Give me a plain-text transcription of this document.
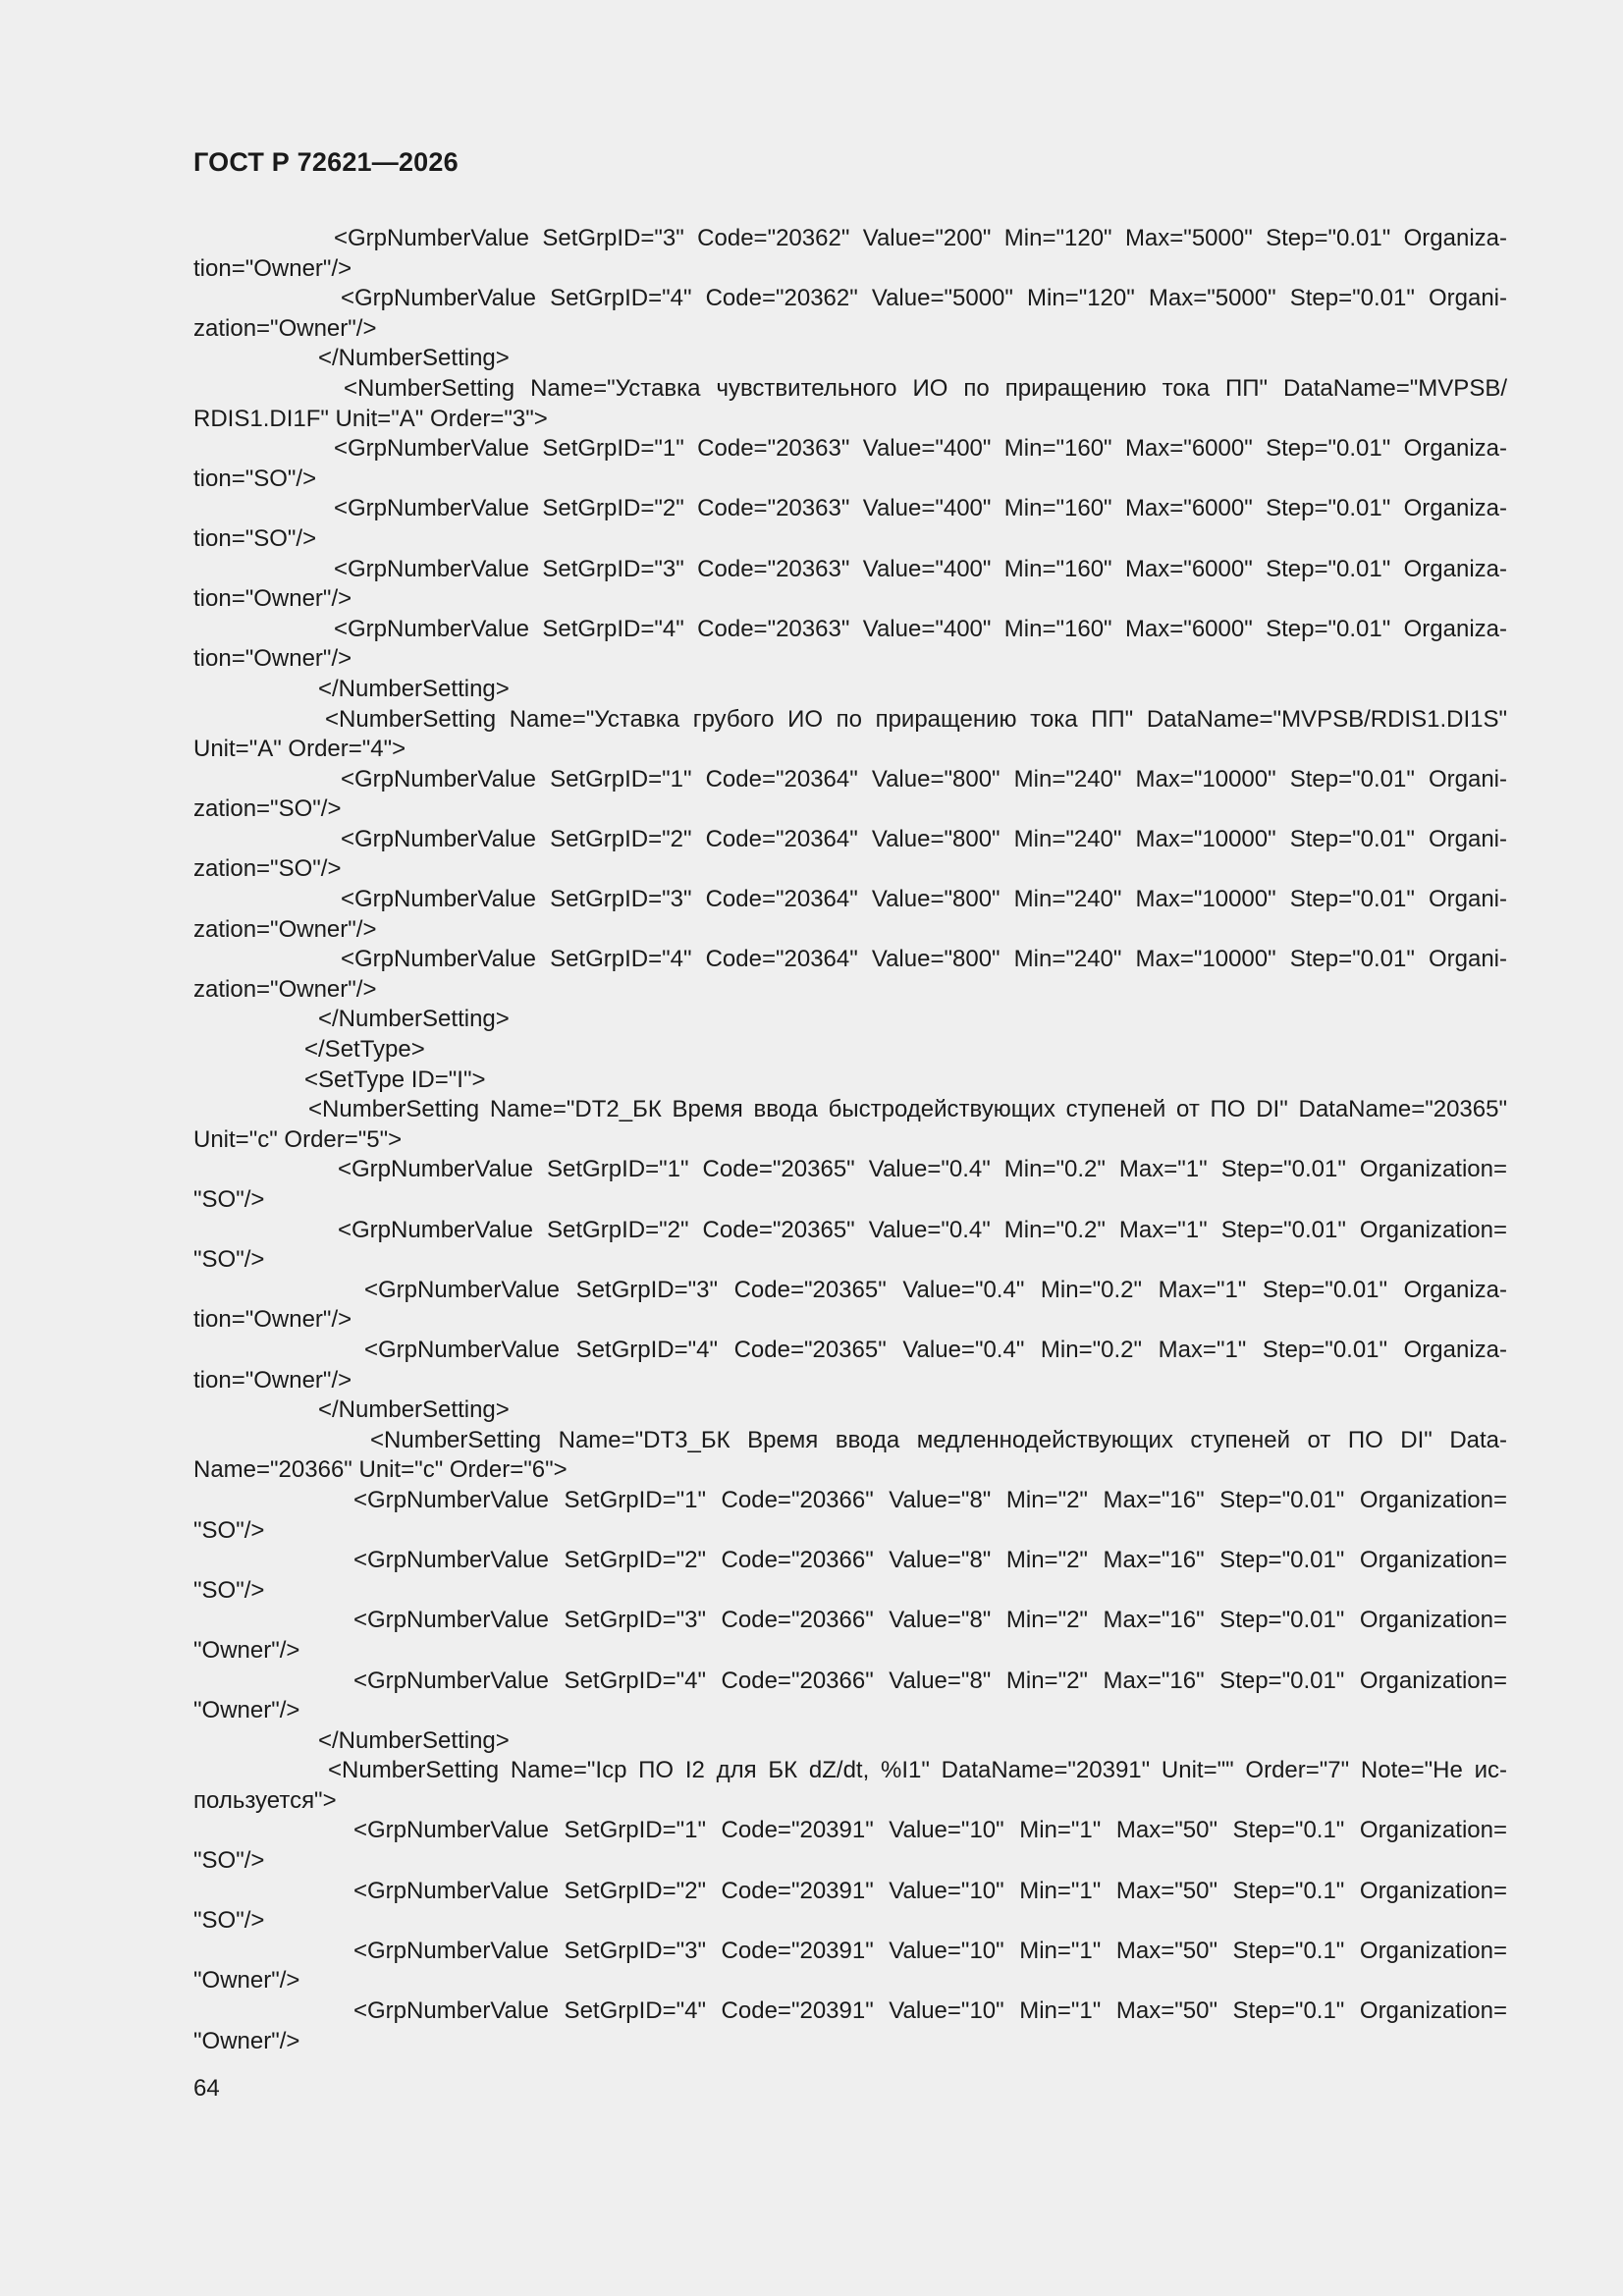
ГОСТ Р 72621—2026

<GrpNumberValue SetGrpID="3" Code="20362" Value="200" Min="120" Max="5000" Step="0.01" Organiza-tion="Owner"/>

<GrpNumberValue SetGrpID="4" Code="20362" Value="5000" Min="120" Max="5000" Step="0.01" Organi-zation="Owner"/>

</NumberSetting>

<NumberSetting Name="Уставка чувствительного ИО по приращению тока ПП" DataName="MVPSB/ RDIS1.DI1F" Unit="A" Order="3">

<GrpNumberValue SetGrpID="1" Code="20363" Value="400" Min="160" Max="6000" Step="0.01" Organiza-tion="SO"/>

<GrpNumberValue SetGrpID="2" Code="20363" Value="400" Min="160" Max="6000" Step="0.01" Organiza-tion="SO"/>

<GrpNumberValue SetGrpID="3" Code="20363" Value="400" Min="160" Max="6000" Step="0.01" Organiza-tion="Owner"/>

<GrpNumberValue SetGrpID="4" Code="20363" Value="400" Min="160" Max="6000" Step="0.01" Organiza-tion="Owner"/>

</NumberSetting>

<NumberSetting Name="Уставка грубого ИО по приращению тока ПП" DataName="MVPSB/RDIS1.DI1S" Unit="A" Order="4">

<GrpNumberValue SetGrpID="1" Code="20364" Value="800" Min="240" Max="10000" Step="0.01" Organi-zation="SO"/>

<GrpNumberValue SetGrpID="2" Code="20364" Value="800" Min="240" Max="10000" Step="0.01" Organi-zation="SO"/>

<GrpNumberValue SetGrpID="3" Code="20364" Value="800" Min="240" Max="10000" Step="0.01" Organi-zation="Owner"/>

<GrpNumberValue SetGrpID="4" Code="20364" Value="800" Min="240" Max="10000" Step="0.01" Organi-zation="Owner"/>

</NumberSetting>

</SetType>

<SetType ID="I">

<NumberSetting Name="DT2_БК Время ввода быстродействующих ступеней от ПО DI" DataName="20365" Unit="с" Order="5">

<GrpNumberValue SetGrpID="1" Code="20365" Value="0.4" Min="0.2" Max="1" Step="0.01" Organization= "SO"/>

<GrpNumberValue SetGrpID="2" Code="20365" Value="0.4" Min="0.2" Max="1" Step="0.01" Organization= "SO"/>

<GrpNumberValue SetGrpID="3" Code="20365" Value="0.4" Min="0.2" Max="1" Step="0.01" Organiza-tion="Owner"/>

<GrpNumberValue SetGrpID="4" Code="20365" Value="0.4" Min="0.2" Max="1" Step="0.01" Organiza-tion="Owner"/>

</NumberSetting>

<NumberSetting Name="DT3_БК Время ввода медленнодействующих ступеней от ПО DI" Data-Name="20366" Unit="с" Order="6">

<GrpNumberValue SetGrpID="1" Code="20366" Value="8" Min="2" Max="16" Step="0.01" Organization= "SO"/>

<GrpNumberValue SetGrpID="2" Code="20366" Value="8" Min="2" Max="16" Step="0.01" Organization= "SO"/>

<GrpNumberValue SetGrpID="3" Code="20366" Value="8" Min="2" Max="16" Step="0.01" Organization= "Owner"/>

<GrpNumberValue SetGrpID="4" Code="20366" Value="8" Min="2" Max="16" Step="0.01" Organization= "Owner"/>

</NumberSetting>

<NumberSetting Name="Icp ПО I2 для БК dZ/dt, %I1" DataName="20391" Unit="" Order="7" Note="Не ис-пользуется">

<GrpNumberValue SetGrpID="1" Code="20391" Value="10" Min="1" Max="50" Step="0.1" Organization= "SO"/>

<GrpNumberValue SetGrpID="2" Code="20391" Value="10" Min="1" Max="50" Step="0.1" Organization= "SO"/>

<GrpNumberValue SetGrpID="3" Code="20391" Value="10" Min="1" Max="50" Step="0.1" Organization= "Owner"/>

<GrpNumberValue SetGrpID="4" Code="20391" Value="10" Min="1" Max="50" Step="0.1" Organization= "Owner"/>

64
